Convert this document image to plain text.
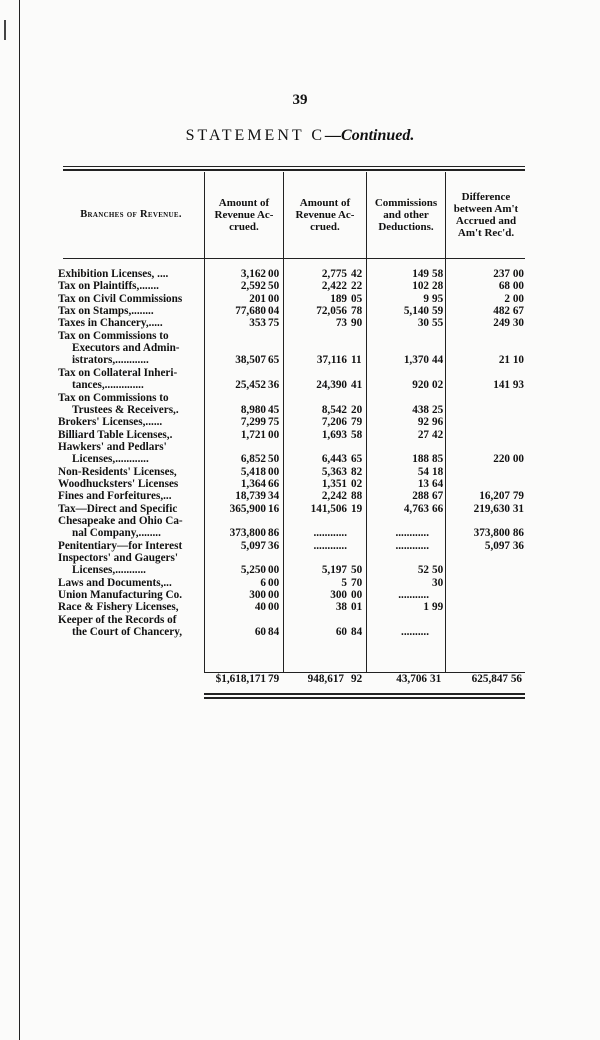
39
STATEMENT C—Continued.
Branches of Revenue.
Amount of Revenue Ac-crued.
Amount of Revenue Ac-crued.
Commissions and other Deductions.
Difference between Am't Accrued and Am't Rec'd.
Exhibition Licenses, ....	3,162 00	2,775 42	149 58	237 00
Tax on Plaintiffs,.......	2,592 50	2,422 22	102 28	68 00
Tax on Civil Commissions	201 00	189 05	9 95	2 00
Tax on Stamps,........	77,680 04	72,056 78	5,140 59	482 67
Taxes in Chancery,.....	353 75	73 90	30 55	249 30
Tax on Commissions to
Executors and Admin-
istrators,............	38,507 65	37,116 11	1,370 44	21 10
Tax on Collateral Inheri-
tances,..............	25,452 36	24,390 41	920 02	141 93
Tax on Commissions to
Trustees & Receivers,.	8,980 45	8,542 20	438 25
Brokers' Licenses,......	7,299 75	7,206 79	92 96
Billiard Table Licenses,.	1,721 00	1,693 58	27 42
Hawkers' and Pedlars'
Licenses,............	6,852 50	6,443 65	188 85	220 00
Non-Residents' Licenses,	5,418 00	5,363 82	54 18
Woodhucksters' Licenses	1,364 66	1,351 02	13 64
Fines and Forfeitures,...	18,739 34	2,242 88	288 67	16,207 79
Tax—Direct and Specific	365,900 16	141,506 19	4,763 66	219,630 31
Chesapeake and Ohio Ca-
nal Company,........	373,800 86	............	............	373,800 86
Penitentiary—for Interest	5,097 36	............	............	5,097 36
Inspectors' and Gaugers'
Licenses,...........	5,250 00	5,197 50	52 50
Laws and Documents,...	6 00	5 70	30
Union Manufacturing Co.	300 00	300 00	...........
Race & Fishery Licenses,	40 00	38 01	1 99
Keeper of the Records of
the Court of Chancery,	60 84	60 84	..........
$1,618,171 79	948,617 92	43,706 31	625,847 56
